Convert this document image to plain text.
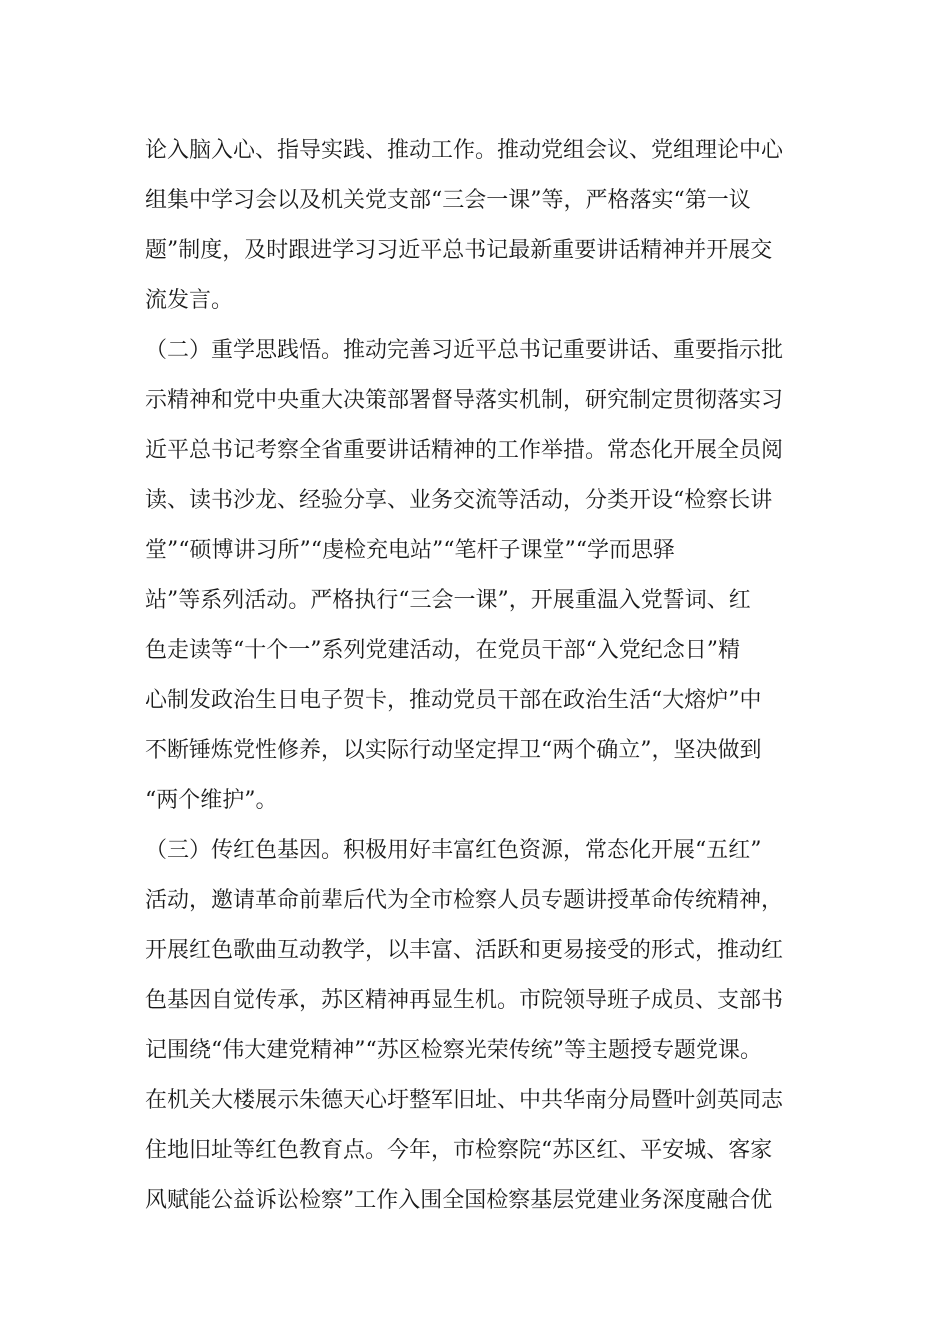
论入脑入心、指导实践、推动工作。推动党组会议、党组理论中心
组集中学习会以及机关党支部“三会一课”等，严格落实“第一议
题”制度，及时跟进学习习近平总书记最新重要讲话精神并开展交
流发言。
（二）重学思践悟。推动完善习近平总书记重要讲话、重要指示批
示精神和党中央重大决策部署督导落实机制，研究制定贯彻落实习
近平总书记考察全省重要讲话精神的工作举措。常态化开展全员阅
读、读书沙龙、经验分享、业务交流等活动，分类开设“检察长讲
堂”“硕博讲习所”“虔检充电站”“笔杆子课堂”“学而思驿
站”等系列活动。严格执行“三会一课”，开展重温入党誓词、红
色走读等“十个一”系列党建活动，在党员干部“入党纪念日”精
心制发政治生日电子贺卡，推动党员干部在政治生活“大熔炉”中
不断锤炼党性修养，以实际行动坚定捍卫“两个确立”，坚决做到
“两个维护”。
（三）传红色基因。积极用好丰富红色资源，常态化开展“五红”
活动，邀请革命前辈后代为全市检察人员专题讲授革命传统精神，
开展红色歌曲互动教学，以丰富、活跃和更易接受的形式，推动红
色基因自觉传承，苏区精神再显生机。市院领导班子成员、支部书
记围绕“伟大建党精神”“苏区检察光荣传统”等主题授专题党课。
在机关大楼展示朱德天心圩整军旧址、中共华南分局暨叶剑英同志
住地旧址等红色教育点。今年，市检察院“苏区红、平安城、客家
风赋能公益诉讼检察”工作入围全国检察基层党建业务深度融合优
